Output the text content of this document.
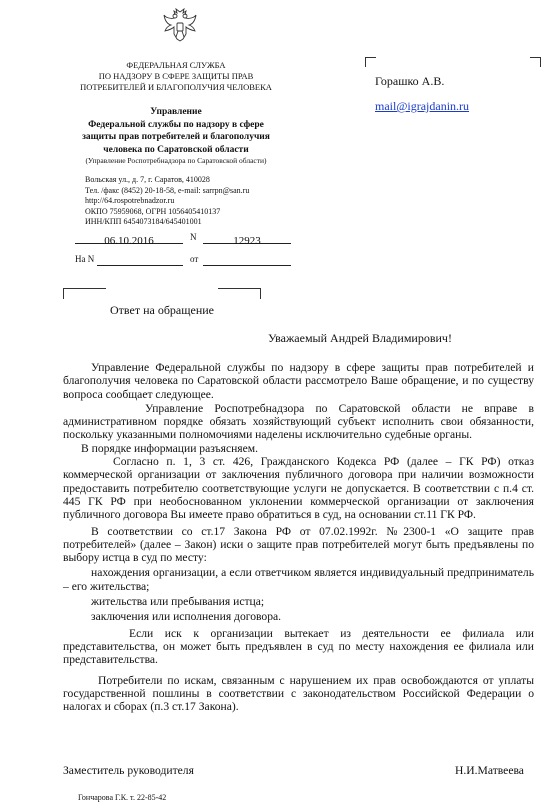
ФЕДЕРАЛЬНАЯ СЛУЖБА
ПО НАДЗОРУ В СФЕРЕ ЗАЩИТЫ ПРАВ
ПОТРЕБИТЕЛЕЙ И БЛАГОПОЛУЧИЯ ЧЕЛОВЕКА
Управление
Федеральной службы по надзору в сфере
защиты прав потребителей и благополучия
человека по Саратовской области
(Управление Роспотребнадзора по Саратовской области)
Вольская ул., д. 7, г. Саратов, 410028
Тел. /факс (8452) 20-18-58, e-mail: sarrpn@san.ru
http://64.rospotrebnadzor.ru
ОКПО 75959068, ОГРН 1056405410137
ИНН/КПП 6454073184/645401001
06.10.2016	N	12923
На N	от
Горашко А.В.
mail@igrajdanin.ru
Ответ на обращение
Уважаемый Андрей Владимирович!

Управление Федеральной службы по надзору в сфере защиты прав потребителей и благополучия человека по Саратовской области рассмотрело Ваше обращение, и по существу вопроса сообщает следующее.

Управление Роспотребнадзора по Саратовской области не вправе в административном порядке обязать хозяйствующий субъект исполнить свои обязанности, поскольку указанными полномочиями наделены исключительно судебные органы.

В порядке информации разъясняем.

Согласно п. 1, 3 ст. 426, Гражданского Кодекса РФ (далее – ГК РФ) отказ коммерческой организации от заключения публичного договора при наличии возможности предоставить потребителю соответствующие услуги не допускается. В соответствии с п.4 ст. 445 ГК РФ при необоснованном уклонении коммерческой организации от заключения публичного договора Вы имеете право обратиться в суд, на основании ст.11 ГК РФ.

В соответствии со ст.17 Закона РФ от 07.02.1992г. №2300-1 «О защите прав потребителей» (далее – Закон) иски о защите прав потребителей могут быть предъявлены по выбору истца в суд по месту:

нахождения организации, а если ответчиком является индивидуальный предприниматель – его жительства;

жительства или пребывания истца;

заключения или исполнения договора.

Если иск к организации вытекает из деятельности ее филиала или представительства, он может быть предъявлен в суд по месту нахождения ее филиала или представительства.

Потребители по искам, связанным с нарушением их прав освобождаются от уплаты государственной пошлины в соответствии с законодательством Российской Федерации о налогах и сборах (п.3 ст.17 Закона).

Заместитель руководителя	Н.И.Матвеева
Гончарова Г.К. т. 22-85-42
